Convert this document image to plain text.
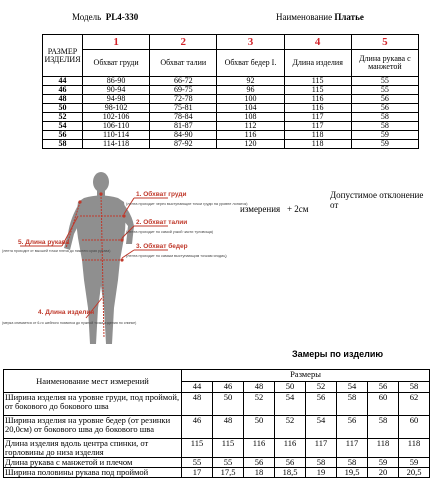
Модель PL4-330	Наименование Платье
РАЗМЕР ИЗДЕЛИЯ	1	2	3	4	5
	Обхват груди	Обхват талии	Обхват бедер I.	Длина изделия	Длина рукава с манжетой
44	86-90	66-72	92	115	55
46	90-94	69-75	96	115	55
48	94-98	72-78	100	116	56
50	98-102	75-81	104	116	56
52	102-106	78-84	108	117	58
54	106-110	81-87	112	117	58
56	110-114	84-90	116	118	59
58	114-118	87-92	120	118	59
Допустимое отклонение от
измерения + 2см
1. Обхват груди
(лента проходит через выступающие точки груди на уровне лопаток)
2. Обхват талии
(лента проходит по самой узкой части туловища)
3. Обхват бедер
(лента проходит по самым выступающим точкам ягодиц)
5. Длина рукава
(лента проходит от высшей точки плеча до нижнего края рукава)
4. Длина изделия
(мерка снимается от 6-го шейного позвонка до нужной точки изделия по спинке)
Замеры по изделию
Наименование мест измерений	Размеры							
	44	46	48	50	52	54	56	58
Ширина изделия на уровне груди, под проймой, от бокового до бокового шва	48	50	52	54	56	58	60	62
Ширина изделия на уровне бедер (от резинки 20,0см) от бокового шва до бокового шва	46	48	50	52	54	56	58	60
Длина изделия вдоль центра спинки, от горловины до низа изделия	115	115	116	116	117	117	118	118
Длина рукава с манжетой и плечом	55	55	56	56	58	58	59	59
Ширина половины рукава под проймой	17	17,5	18	18,5	19	19,5	20	20,5
